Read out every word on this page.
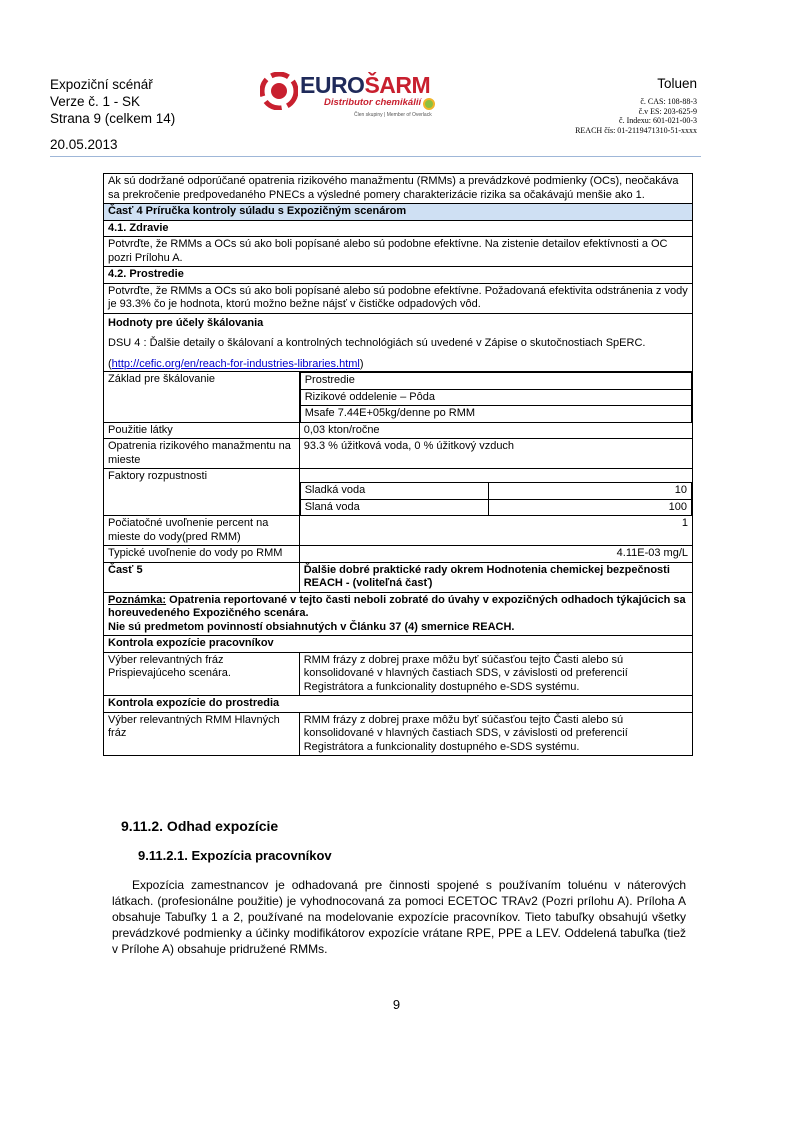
Expoziční scénář
Verze č. 1 - SK
Strana 9 (celkem 14)
20.05.2013
EUROŠARM
Distributor chemikálií
Člen skupiny | Member of Overlack
Toluen
č. CAS: 108-88-3
č.v ES: 203-625-9
č. Indexu: 601-021-00-3
REACH čís: 01-2119471310-51-xxxx
Ak sú dodržané odporúčané opatrenia rizikového manažmentu (RMMs) a prevádzkové podmienky (OCs), neočakáva sa prekročenie predpovedaného PNECs a výsledné pomery charakterizácie rizika sa očakávajú menšie ako 1.
Časť 4 Príručka kontroly súladu s Expozičným scenárom
4.1. Zdravie
Potvrďte, že RMMs a OCs sú ako boli popísané alebo sú podobne efektívne. Na zistenie detailov efektívnosti a OC pozri Prílohu A.
4.2. Prostredie
Potvrďte, že RMMs a OCs sú ako boli popísané alebo sú podobne efektívne. Požadovaná efektivita odstránenia z vody je 93.3% čo je hodnota, ktorú možno bežne nájsť v čističke odpadových vôd.

Hodnoty pre účely škálovania
DSU 4 : Ďalšie detaily o škálovaní a kontrolných technológiách sú uvedené v Zápise o skutočnostiach SpERC.
(http://cefic.org/en/reach-for-industries-libraries.html)

Základ pre škálovanie		Prostredie
Rizikové oddelenie – Pôda
Msafe 7.44E+05kg/denne po RMM

Použitie látky	0,03 kton/ročne
Opatrenia rizikového manažmentu na mieste	93.3 % úžitková voda, 0 % úžitkový vzduch
Faktory rozpustnosti	
Sladká voda	10
Slaná voda	100

Počiatočné uvoľnenie percent na mieste do vody(pred RMM)	1
Typické uvoľnenie do vody po RMM	4.11E-03 mg/L
Časť 5	Ďalšie dobré praktické rady okrem Hodnotenia chemickej bezpečnosti REACH - (voliteľná časť)

Poznámka: Opatrenia reportované v tejto časti neboli zobraté do úvahy v expozičných odhadoch týkajúcich sa horeuvedeného Expozičného scenára.
Nie sú predmetom povinností obsiahnutých v Článku 37 (4) smernice REACH.

Kontrola expozície pracovníkov
Výber relevantných fráz Prispievajúceho scenára.	RMM frázy z dobrej praxe môžu byť súčasťou tejto Časti alebo sú konsolidované v hlavných častiach SDS, v závislosti od preferencií Registrátora a funkcionality dostupného e-SDS systému.
Kontrola expozície do prostredia
Výber relevantných RMM Hlavných fráz	RMM frázy z dobrej praxe môžu byť súčasťou tejto Časti alebo sú konsolidované v hlavných častiach SDS, v závislosti od preferencií Registrátora a funkcionality dostupného e-SDS systému.
9.11.2. Odhad expozície
9.11.2.1. Expozícia pracovníkov
Expozícia zamestnancov je odhadovaná pre činnosti spojené s používaním toluénu v náterových látkach. (profesionálne použitie) je vyhodnocovaná za pomoci ECETOC TRAv2 (Pozri prílohu A). Príloha A obsahuje Tabuľky 1 a 2, používané na modelovanie expozície pracovníkov. Tieto tabuľky obsahujú všetky prevádzkové podmienky a účinky modifikátorov expozície vrátane RPE, PPE a LEV. Oddelená tabuľka (tiež v Prílohe A) obsahuje pridružené RMMs.
9
